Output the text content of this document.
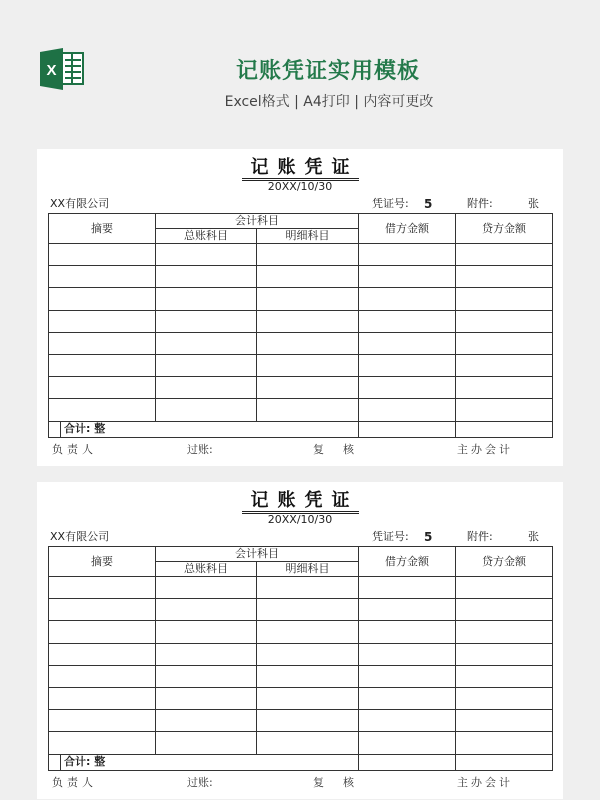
X	记账凭证实用模板
Excel格式 | A4打印 | 内容可更改
记账凭证
20XX/10/30
XX有限公司	凭证号: 5	附件:	张
摘要	会计科目		借方金额	贷方金额
	总账科目	明细科目		

合计: 整				
负责人	过账:	复 核	主办会计
记账凭证
20XX/10/30
XX有限公司	凭证号: 5	附件:	张
摘要	会计科目		借方金额	贷方金额
	总账科目	明细科目		

合计: 整				
负责人	过账:	复 核	主办会计
